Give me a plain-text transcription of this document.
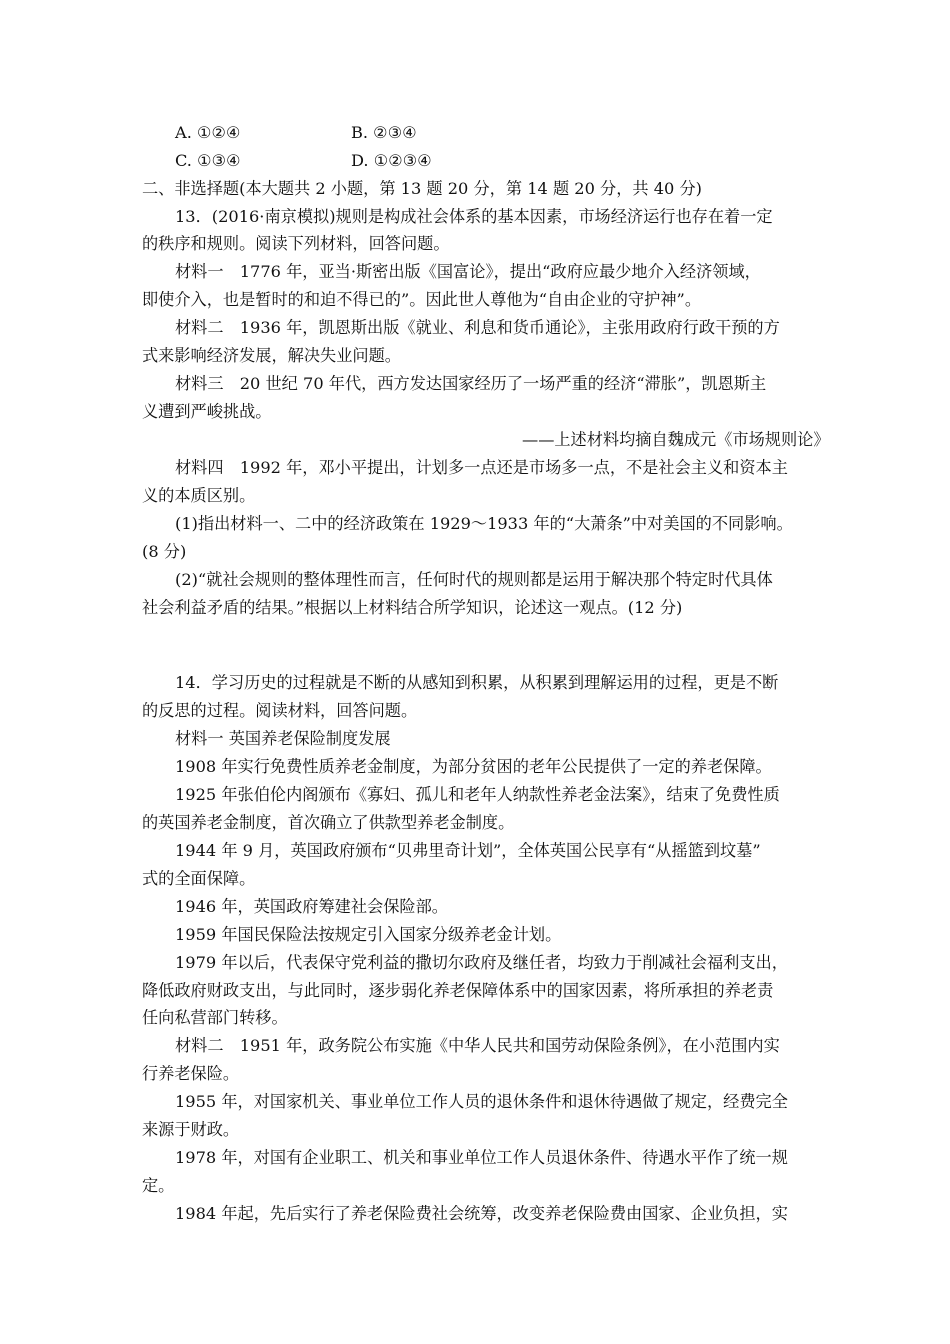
A. ①②④	B. ②③④
C. ①③④	D. ①②③④
二、非选择题(本大题共 2 小题，第 13 题 20 分，第 14 题 20 分，共 40 分)
13．(2016·南京模拟)规则是构成社会体系的基本因素，市场经济运行也存在着一定
的秩序和规则。阅读下列材料，回答问题。
材料一　1776 年，亚当·斯密出版《国富论》，提出“政府应最少地介入经济领域，
即使介入，也是暂时的和迫不得已的”。因此世人尊他为“自由企业的守护神”。
材料二　1936 年，凯恩斯出版《就业、利息和货币通论》，主张用政府行政干预的方
式来影响经济发展，解决失业问题。
材料三　20 世纪 70 年代，西方发达国家经历了一场严重的经济“滞胀”，凯恩斯主
义遭到严峻挑战。
——上述材料均摘自魏成元《市场规则论》
材料四　1992 年，邓小平提出，计划多一点还是市场多一点，不是社会主义和资本主
义的本质区别。
(1)指出材料一、二中的经济政策在 1929～1933 年的“大萧条”中对美国的不同影响。
(8 分)
(2)“就社会规则的整体理性而言，任何时代的规则都是运用于解决那个特定时代具体
社会利益矛盾的结果。”根据以上材料结合所学知识，论述这一观点。(12 分)
14．学习历史的过程就是不断的从感知到积累，从积累到理解运用的过程，更是不断
的反思的过程。阅读材料，回答问题。
材料一 英国养老保险制度发展
1908 年实行免费性质养老金制度，为部分贫困的老年公民提供了一定的养老保障。
1925 年张伯伦内阁颁布《寡妇、孤儿和老年人纳款性养老金法案》，结束了免费性质
的英国养老金制度，首次确立了供款型养老金制度。
1944 年 9 月，英国政府颁布“贝弗里奇计划”，全体英国公民享有“从摇篮到坟墓”
式的全面保障。
1946 年，英国政府筹建社会保险部。
1959 年国民保险法按规定引入国家分级养老金计划。
1979 年以后，代表保守党利益的撒切尔政府及继任者，均致力于削减社会福利支出，
降低政府财政支出，与此同时，逐步弱化养老保障体系中的国家因素，将所承担的养老责
任向私营部门转移。
材料二　1951 年，政务院公布实施《中华人民共和国劳动保险条例》，在小范围内实
行养老保险。
1955 年，对国家机关、事业单位工作人员的退休条件和退休待遇做了规定，经费完全
来源于财政。
1978 年，对国有企业职工、机关和事业单位工作人员退休条件、待遇水平作了统一规
定。
1984 年起，先后实行了养老保险费社会统筹，改变养老保险费由国家、企业负担，实
